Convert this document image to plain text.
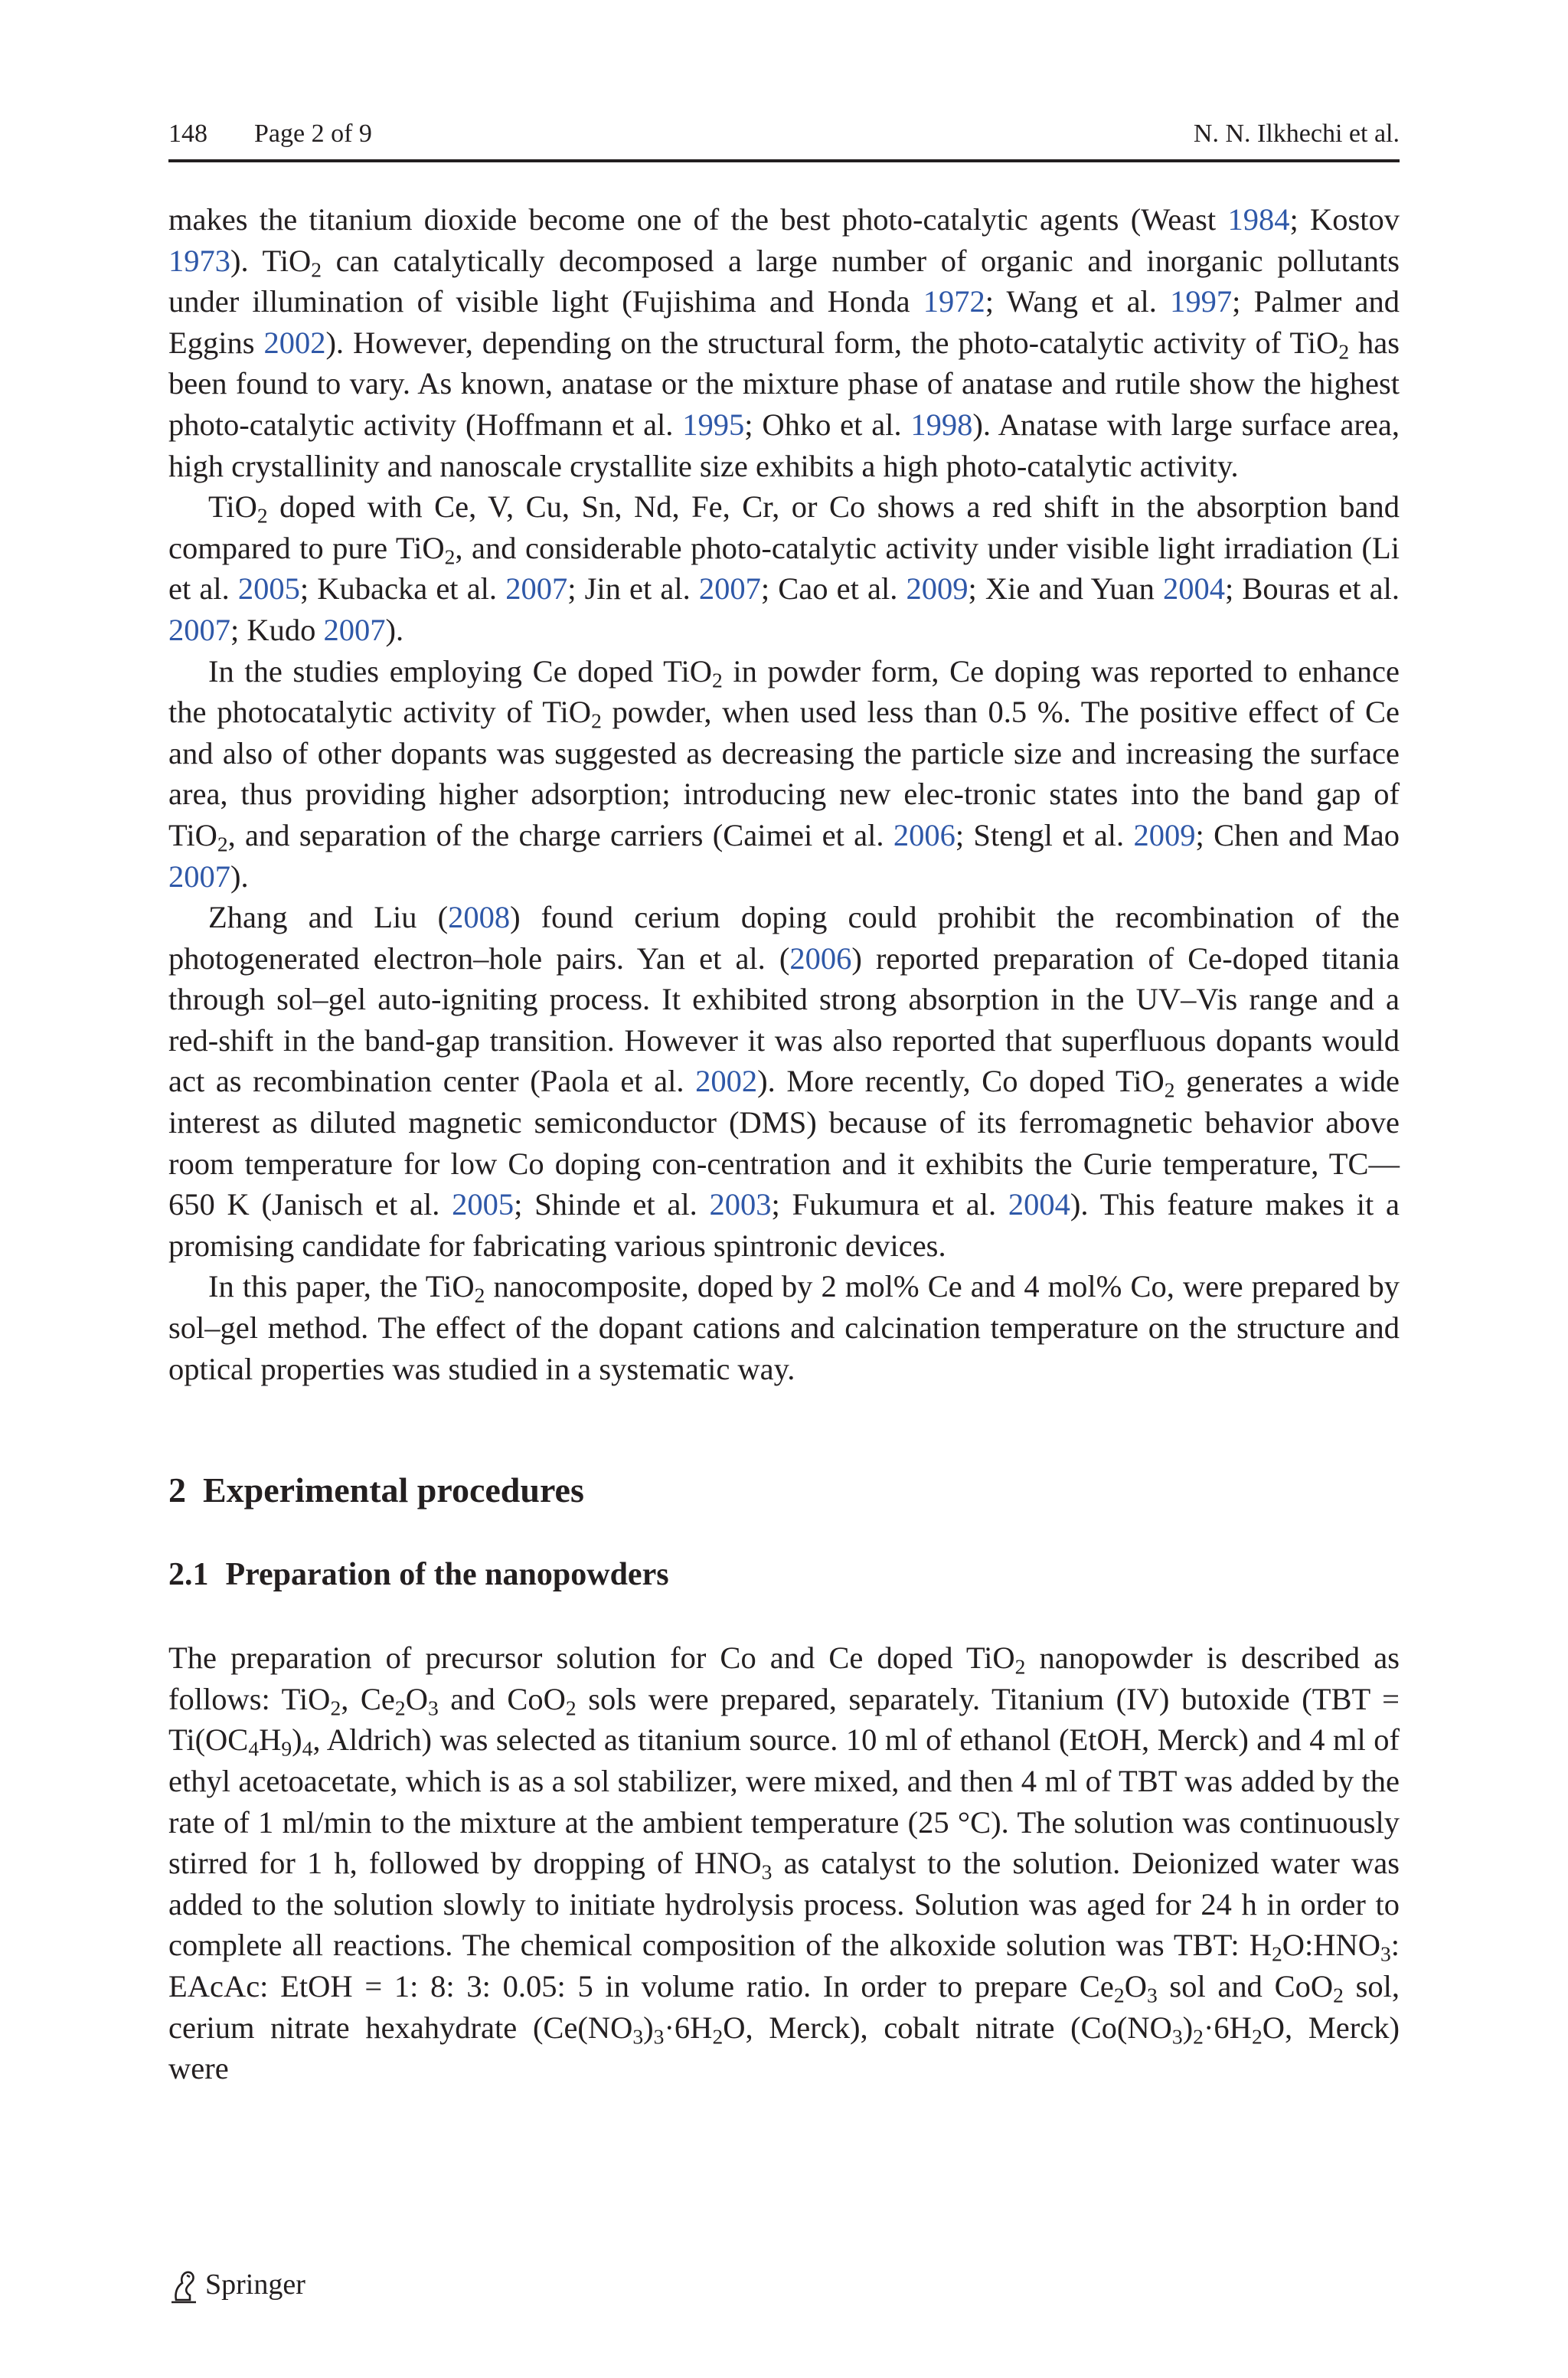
148 Page 2 of 9	N. N. Ilkhechi et al.

makes the titanium dioxide become one of the best photo-catalytic agents (Weast 1984; Kostov 1973). TiO$_2$ can catalytically decomposed a large number of organic and inorganic pollutants under illumination of visible light (Fujishima and Honda 1972; Wang et al. 1997; Palmer and Eggins 2002). However, depending on the structural form, the photo-catalytic activity of TiO$_2$ has been found to vary. As known, anatase or the mixture phase of anatase and rutile show the highest photo-catalytic activity (Hoffmann et al. 1995; Ohko et al. 1998). Anatase with large surface area, high crystallinity and nanoscale crystallite size exhibits a high photo-catalytic activity.

TiO$_2$ doped with Ce, V, Cu, Sn, Nd, Fe, Cr, or Co shows a red shift in the absorption band compared to pure TiO$_2$, and considerable photo-catalytic activity under visible light irradiation (Li et al. 2005; Kubacka et al. 2007; Jin et al. 2007; Cao et al. 2009; Xie and Yuan 2004; Bouras et al. 2007; Kudo 2007).

In the studies employing Ce doped TiO$_2$ in powder form, Ce doping was reported to enhance the photocatalytic activity of TiO$_2$ powder, when used less than 0.5 %. The positive effect of Ce and also of other dopants was suggested as decreasing the particle size and increasing the surface area, thus providing higher adsorption; introducing new elec-tronic states into the band gap of TiO$_2$, and separation of the charge carriers (Caimei et al. 2006; Stengl et al. 2009; Chen and Mao 2007).

Zhang and Liu (2008) found cerium doping could prohibit the recombination of the photogenerated electron–hole pairs. Yan et al. (2006) reported preparation of Ce-doped titania through sol–gel auto-igniting process. It exhibited strong absorption in the UV–Vis range and a red-shift in the band-gap transition. However it was also reported that superfluous dopants would act as recombination center (Paola et al. 2002). More recently, Co doped TiO$_2$ generates a wide interest as diluted magnetic semiconductor (DMS) because of its ferromagnetic behavior above room temperature for low Co doping con-centration and it exhibits the Curie temperature, TC—650 K (Janisch et al. 2005; Shinde et al. 2003; Fukumura et al. 2004). This feature makes it a promising candidate for fabricating various spintronic devices.

In this paper, the TiO$_2$ nanocomposite, doped by 2 mol% Ce and 4 mol% Co, were prepared by sol–gel method. The effect of the dopant cations and calcination temperature on the structure and optical properties was studied in a systematic way.

2 Experimental procedures
2.1 Preparation of the nanopowders

The preparation of precursor solution for Co and Ce doped TiO$_2$ nanopowder is described as follows: TiO$_2$, $Ce_2O_3$ and CoO$_2$ sols were prepared, separately. Titanium (IV) butoxide ($TBT = Ti(OC_4H_9)_4$, Aldrich) was selected as titanium source. 10 ml of ethanol (EtOH, Merck) and 4 ml of ethyl acetoacetate, which is as a sol stabilizer, were mixed, and then 4 ml of TBT was added by the rate of 1 ml/min to the mixture at the ambient temperature (25 °C). The solution was continuously stirred for 1 h, followed by dropping of $HNO_3$ as catalyst to the solution. Deionized water was added to the solution slowly to initiate hydrolysis process. Solution was aged for 24 h in order to complete all reactions. The chemical composition of the alkoxide solution was TBT: $H_2O:HNO_3$: EAcAc: EtOH = 1: 8: 3: 0.05: 5 in volume ratio. In order to prepare $Ce_2O_3$ sol and CoO$_2$ sol, cerium nitrate hexahydrate ($Ce(NO_3)_3\cdot 6H_2O$, Merck), cobalt nitrate ($Co(NO_3)_2\cdot 6H_2O$, Merck) were

Springer
